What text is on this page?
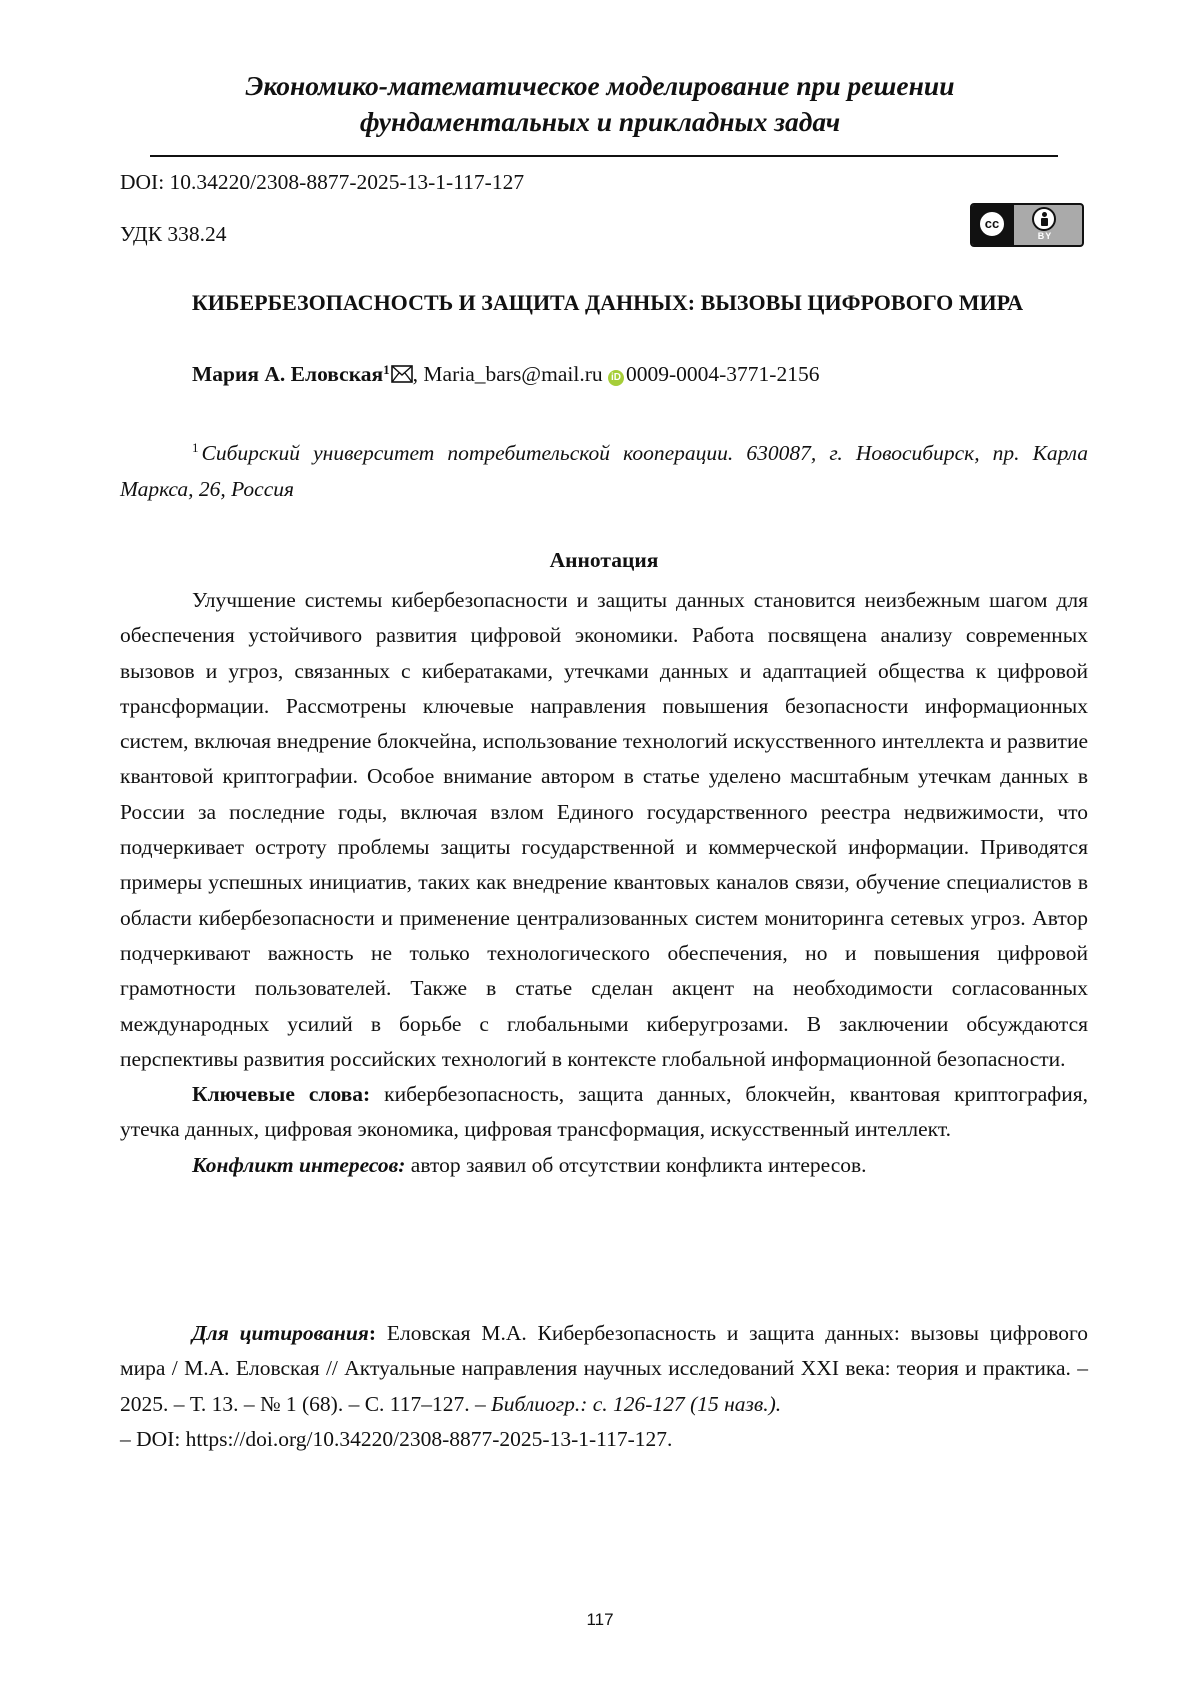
Экономико-математическое моделирование при решении
фундаментальных и прикладных задач
DOI: 10.34220/2308-8877-2025-13-1-117-127
УДК 338.24	cc
BY
КИБЕРБЕЗОПАСНОСТЬ И ЗАЩИТА ДАННЫХ: ВЫЗОВЫ ЦИФРОВОГО МИРА
Мария А. Еловская1 , Maria_bars@mail.ru iD 0009-0004-3771-2156
1 Сибирский университет потребительской кооперации. 630087, г. Новосибирск, пр. Карла Маркса, 26, Россия
Аннотация

Улучшение системы кибербезопасности и защиты данных становится неизбежным шагом для обеспечения устойчивого развития цифровой экономики. Работа посвящена анализу современных вызовов и угроз, связанных с кибератаками, утечками данных и адаптацией общества к цифровой трансформации. Рассмотрены ключевые направления повышения безопасности информационных систем, включая внедрение блокчейна, использование технологий искусственного интеллекта и развитие квантовой криптографии. Особое внимание автором в статье уделено масштабным утечкам данных в России за последние годы, включая взлом Единого государственного реестра недвижимости, что подчеркивает остроту проблемы защиты государственной и коммерческой информации. Приводятся примеры успешных инициатив, таких как внедрение квантовых каналов связи, обучение специалистов в области кибербезопасности и применение централизованных систем мониторинга сетевых угроз. Автор подчеркивают важность не только технологического обеспечения, но и повышения цифровой грамотности пользователей. Также в статье сделан акцент на необходимости согласованных международных усилий в борьбе с глобальными киберугрозами. В заключении обсуждаются перспективы развития российских технологий в контексте глобальной информационной безопасности.

Ключевые слова: кибербезопасность, защита данных, блокчейн, квантовая криптография, утечка данных, цифровая экономика, цифровая трансформация, искусственный интеллект.

Конфликт интересов: автор заявил об отсутствии конфликта интересов.

Для цитирования: Еловская М.А. Кибербезопасность и защита данных: вызовы цифрового мира / М.А. Еловская // Актуальные направления научных исследований XXI века: теория и практика. – 2025. – Т. 13. – № 1 (68). – С. 117–127. – Библиогр.: с. 126-127 (15 назв.).
– DOI: https://doi.org/10.34220/2308-8877-2025-13-1-117-127.

117
